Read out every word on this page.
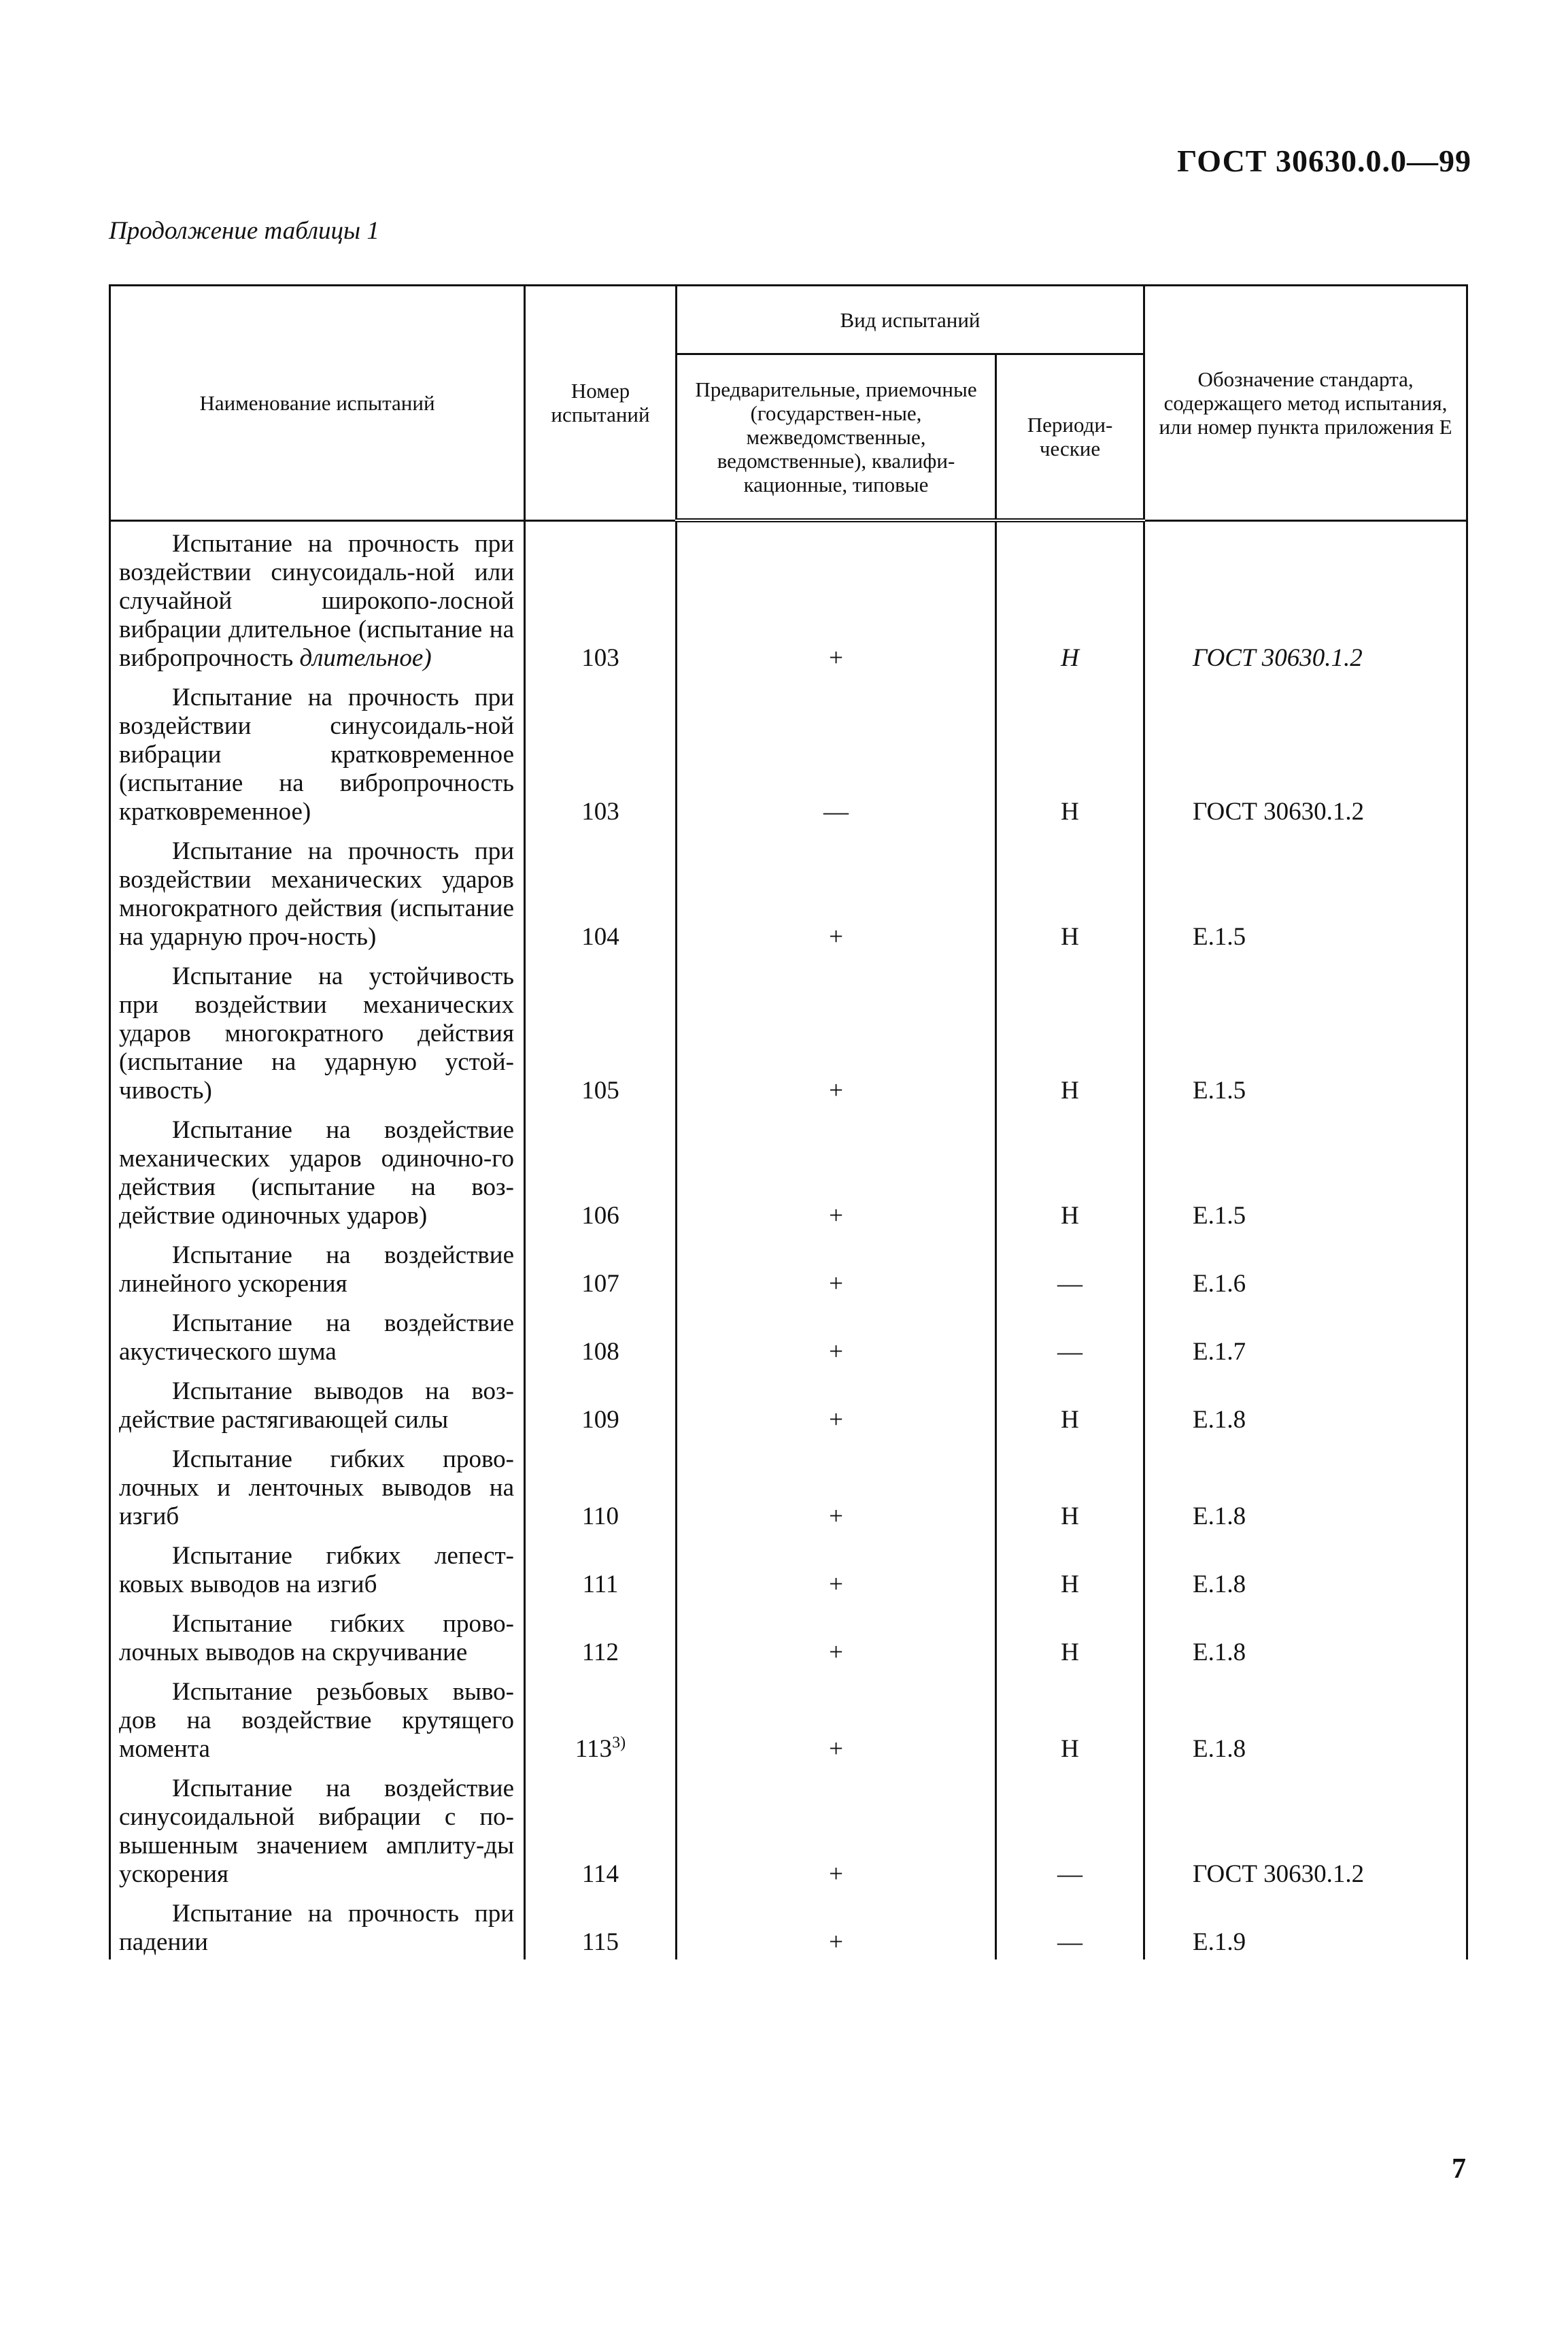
ГОСТ 30630.0.0—99
Продолжение таблицы 1
Наименование испытаний	Номер испытаний	Вид испытаний		Обозначение стандарта, содержащего метод испытания, или номер пункта приложения Е
		Предварительные, приемочные (государствен-ные, межведомственные, ведомственные), квалифи-кационные, типовые	Периоди-ческие	

Испытание на прочность при воздействии синусоидаль-ной или случайной широкопо-лосной вибрации длительное (испытание на вибропрочность длительное)	103	+	Н	ГОСТ 30630.1.2

Испытание на прочность при воздействии синусоидаль-ной вибрации кратковременное (испытание на вибропрочность кратковременное)	103	—	Н	ГОСТ 30630.1.2

Испытание на прочность при воздействии механических ударов многократного действия (испытание на ударную проч-ность)	104	+	Н	Е.1.5

Испытание на устойчивость при воздействии механических ударов многократного действия (испытание на ударную устой-чивость)	105	+	Н	Е.1.5

Испытание на воздействие механических ударов одиночно-го действия (испытание на воз-действие одиночных ударов)	106	+	Н	Е.1.5

Испытание на воздействие линейного ускорения	107	+	—	Е.1.6

Испытание на воздействие акустического шума	108	+	—	Е.1.7

Испытание выводов на воз-действие растягивающей силы	109	+	Н	Е.1.8

Испытание гибких прово-лочных и ленточных выводов на изгиб	110	+	Н	Е.1.8

Испытание гибких лепест-ковых выводов на изгиб	111	+	Н	Е.1.8

Испытание гибких прово-лочных выводов на скручивание	112	+	Н	Е.1.8

Испытание резьбовых выво-дов на воздействие крутящего момента	$113^{3)}$	+	Н	Е.1.8

Испытание на воздействие синусоидальной вибрации с по-вышенным значением амплиту-ды ускорения	114	+	—	ГОСТ 30630.1.2

Испытание на прочность при падении	115	+	—	Е.1.9
7
